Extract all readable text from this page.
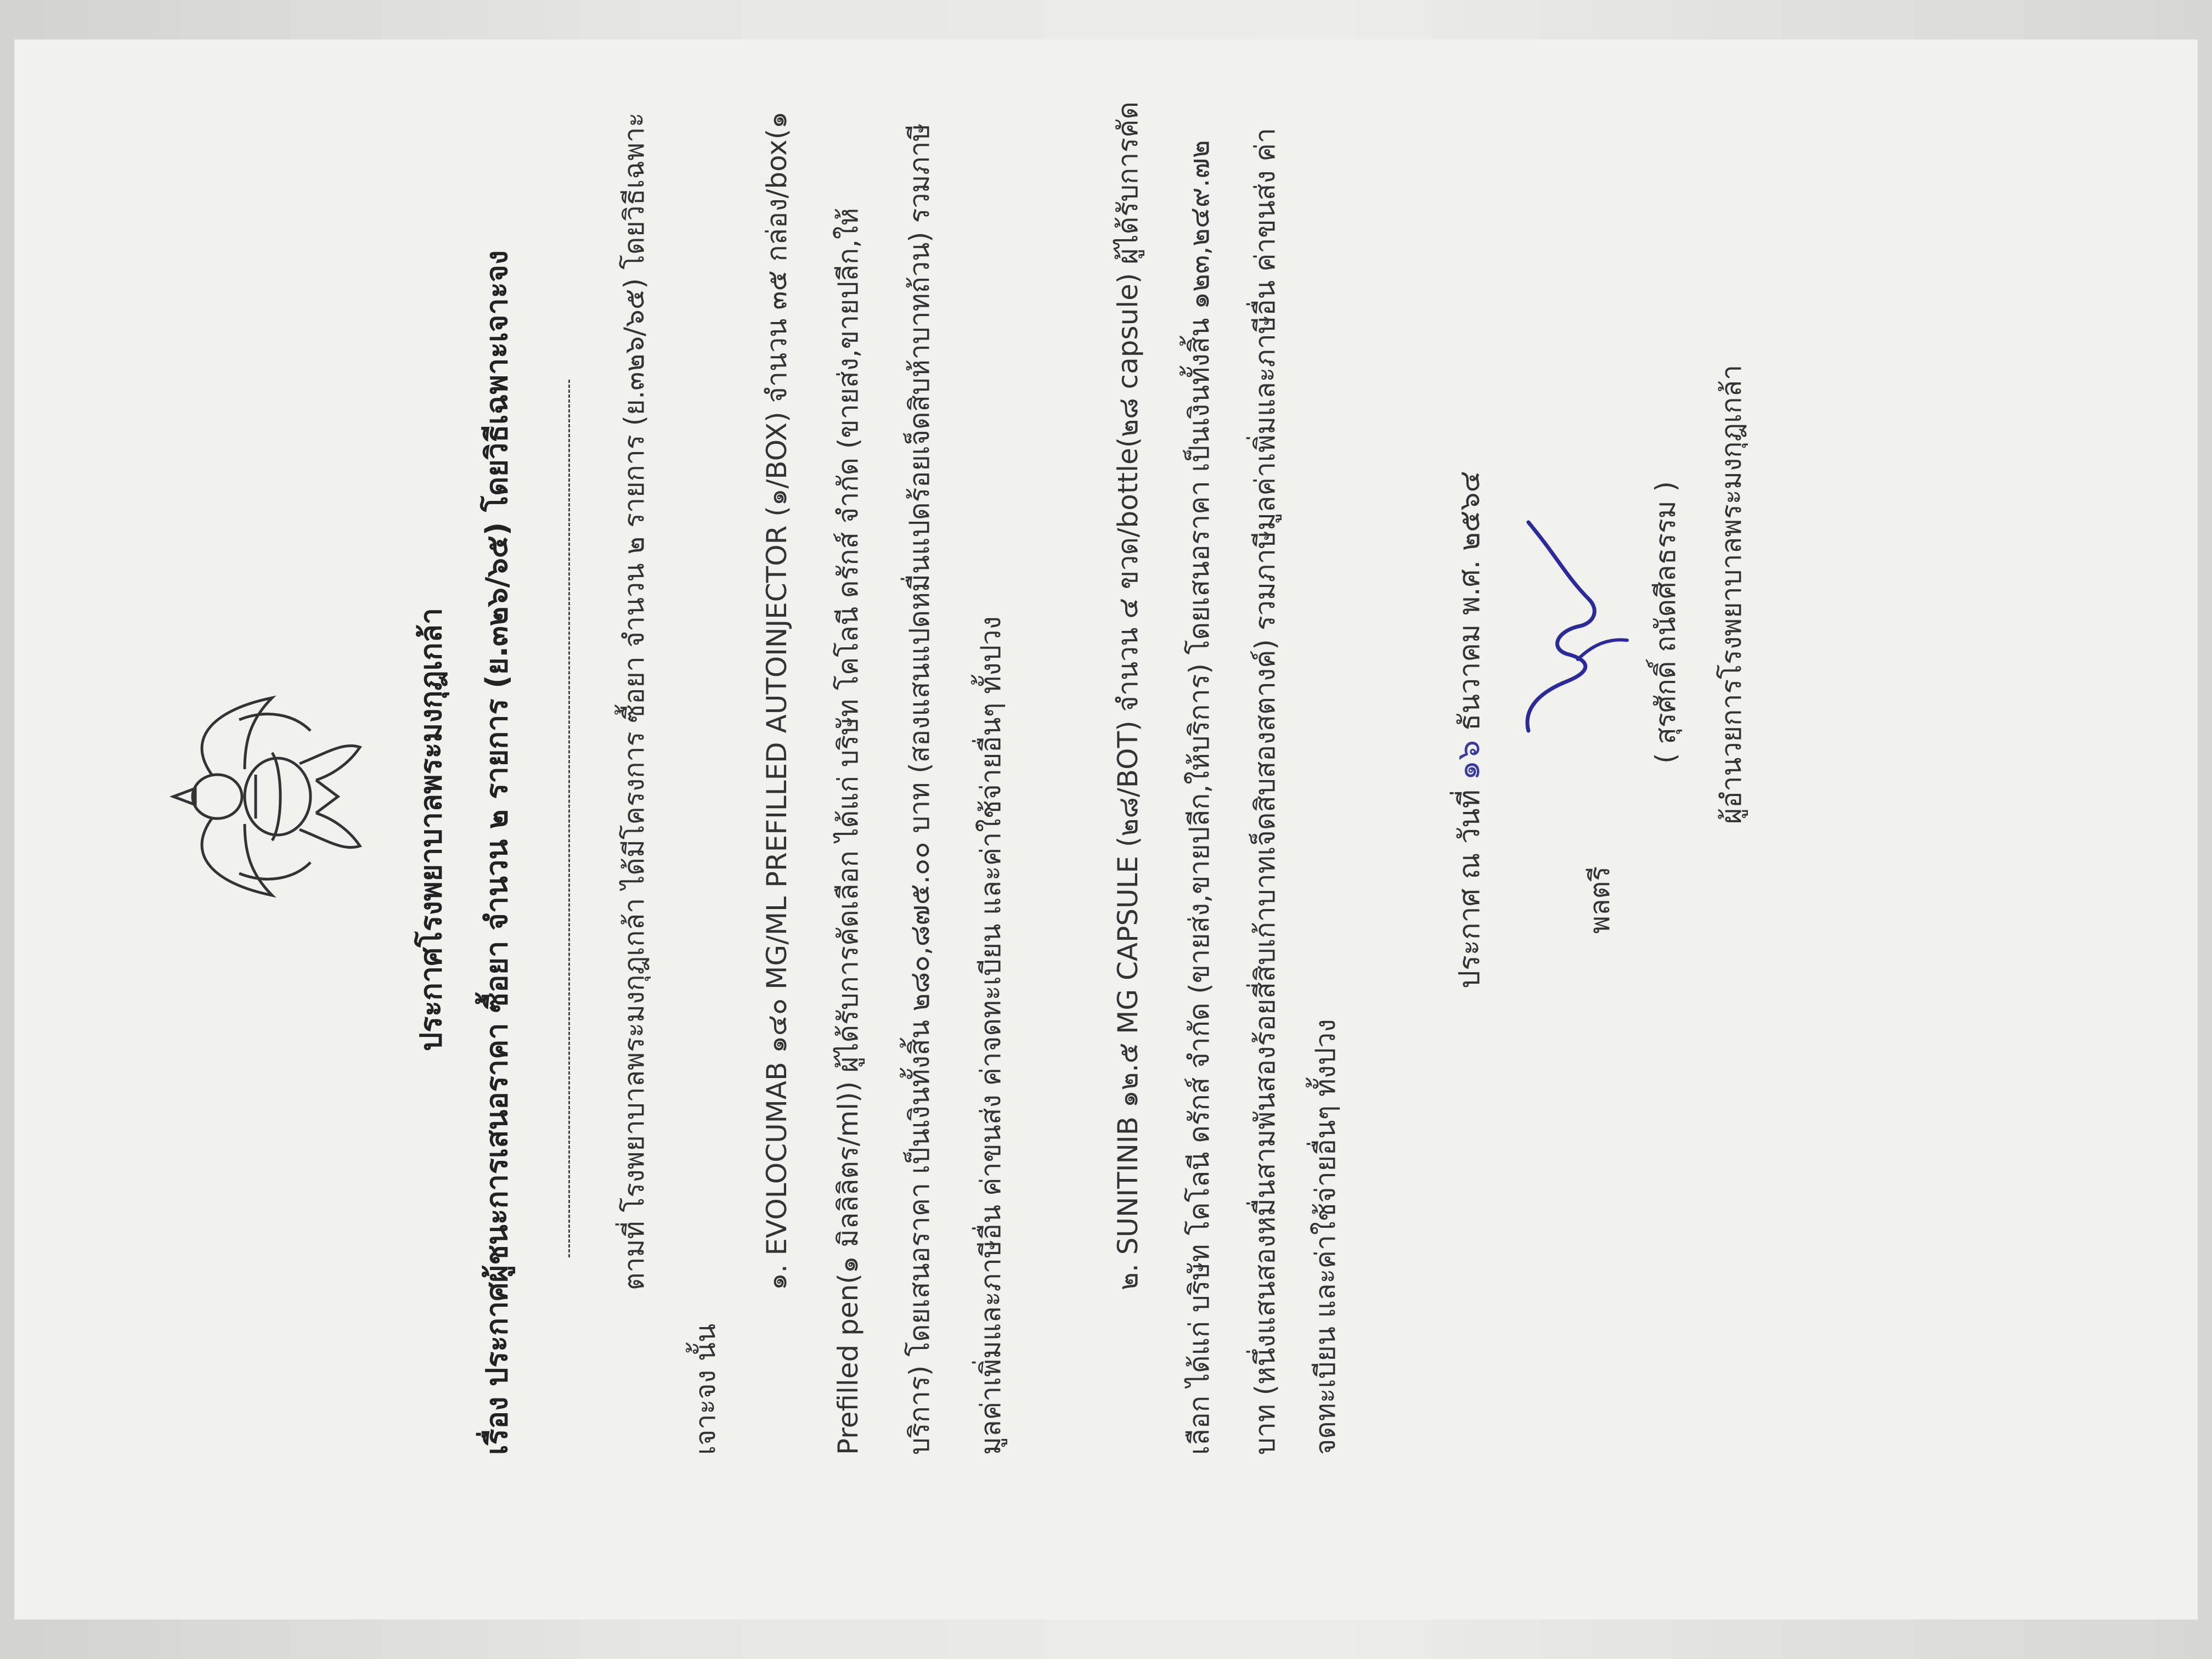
ประกาศโรงพยาบาลพระมงกุฎเกล้า เรื่อง ประกาศผู้ชนะการเสนอราคา ซื้อยา จำนวน ๒ รายการ (ย.๓๒๖/๖๕) โดยวิธีเฉพาะเจาะจง	ตามที่ โรงพยาบาลพระมงกุฎเกล้า ได้มีโครงการ ซื้อยา จำนวน ๒ รายการ (ย.๓๒๖/๖๕) โดยวิธีเฉพาะ
เจาะจง นั้น
๑. EVOLOCUMAB ๑๔๐ MG/ML PREFILLED AUTOINJECTOR (๑/BOX) จำนวน ๓๕ กล่อง/box(๑ Prefilled pen(๑ มิลลิลิตร/ml)) ผู้ได้รับการคัดเลือก ได้แก่ บริษัท โคโลนี ดรักส์ จำกัด (ขายส่ง,ขายปลีก,ให้ บริการ) โดยเสนอราคา เป็นเงินทั้งสิ้น ๒๘๐,๘๗๕.๐๐ บาท (สองแสนแปดหมื่นแปดร้อยเจ็ดสิบห้าบาทถ้วน) รวมภาษี มูลค่าเพิ่มและภาษีอื่น ค่าขนส่ง ค่าจดทะเบียน และค่าใช้จ่ายอื่นๆ ทั้งปวง	๒. SUNITINIB ๑๒.๕ MG CAPSULE (๒๘/BOT) จำนวน ๔ ขวด/bottle(๒๘ capsule) ผู้ได้รับการคัด เลือก ได้แก่ บริษัท โคโลนี ดรักส์ จำกัด (ขายส่ง,ขายปลีก,ให้บริการ) โดยเสนอราคา เป็นเงินทั้งสิ้น ๑๒๓,๒๔๙.๗๒ บาท (หนึ่งแสนสองหมื่นสามพันสองร้อยสี่สิบเก้าบาทเจ็ดสิบสองสตางค์) รวมภาษีมูลค่าเพิ่มและภาษีอื่น ค่าขนส่ง ค่า จดทะเบียน และค่าใช้จ่ายอื่นๆ ทั้งปวง
ประกาศ ณ วันที่ ๑๖ ธันวาคม พ.ศ. ๒๕๖๔
พลตรี
( สุรศักดิ์ ถนัดศีลธรรม ) ผู้อำนวยการโรงพยาบาลพระมงกุฎเกล้า
